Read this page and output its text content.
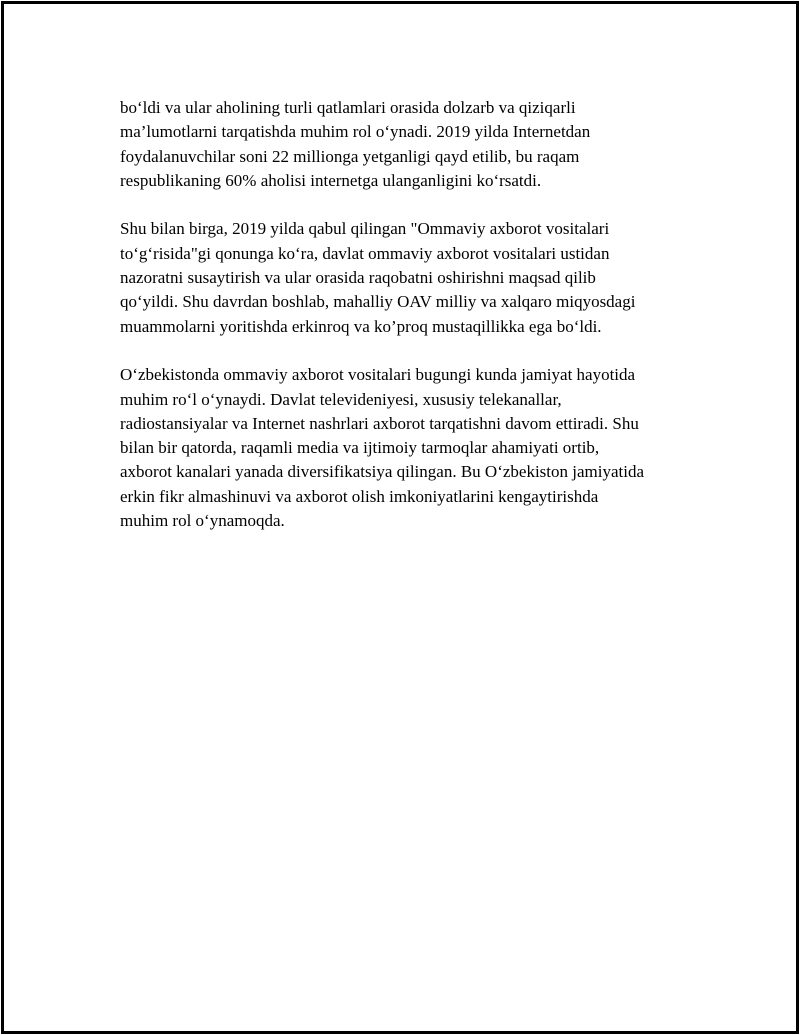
bo‘ldi va ular aholining turli qatlamlari orasida dolzarb va qiziqarli
ma’lumotlarni tarqatishda muhim rol o‘ynadi. 2019 yilda Internetdan
foydalanuvchilar soni 22 millionga yetganligi qayd etilib, bu raqam
respublikaning 60% aholisi internetga ulanganligini ko‘rsatdi.

Shu bilan birga, 2019 yilda qabul qilingan "Ommaviy axborot vositalari
to‘g‘risida"gi qonunga ko‘ra, davlat ommaviy axborot vositalari ustidan
nazoratni susaytirish va ular orasida raqobatni oshirishni maqsad qilib
qo‘yildi. Shu davrdan boshlab, mahalliy OAV milliy va xalqaro miqyosdagi
muammolarni yoritishda erkinroq va ko’proq mustaqillikka ega bo‘ldi.

O‘zbekistonda ommaviy axborot vositalari bugungi kunda jamiyat hayotida
muhim ro‘l o‘ynaydi. Davlat televideniyesi, xususiy telekanallar,
radiostansiyalar va Internet nashrlari axborot tarqatishni davom ettiradi. Shu
bilan bir qatorda, raqamli media va ijtimoiy tarmoqlar ahamiyati ortib,
axborot kanalari yanada diversifikatsiya qilingan. Bu O‘zbekiston jamiyatida
erkin fikr almashinuvi va axborot olish imkoniyatlarini kengaytirishda
muhim rol o‘ynamoqda.
